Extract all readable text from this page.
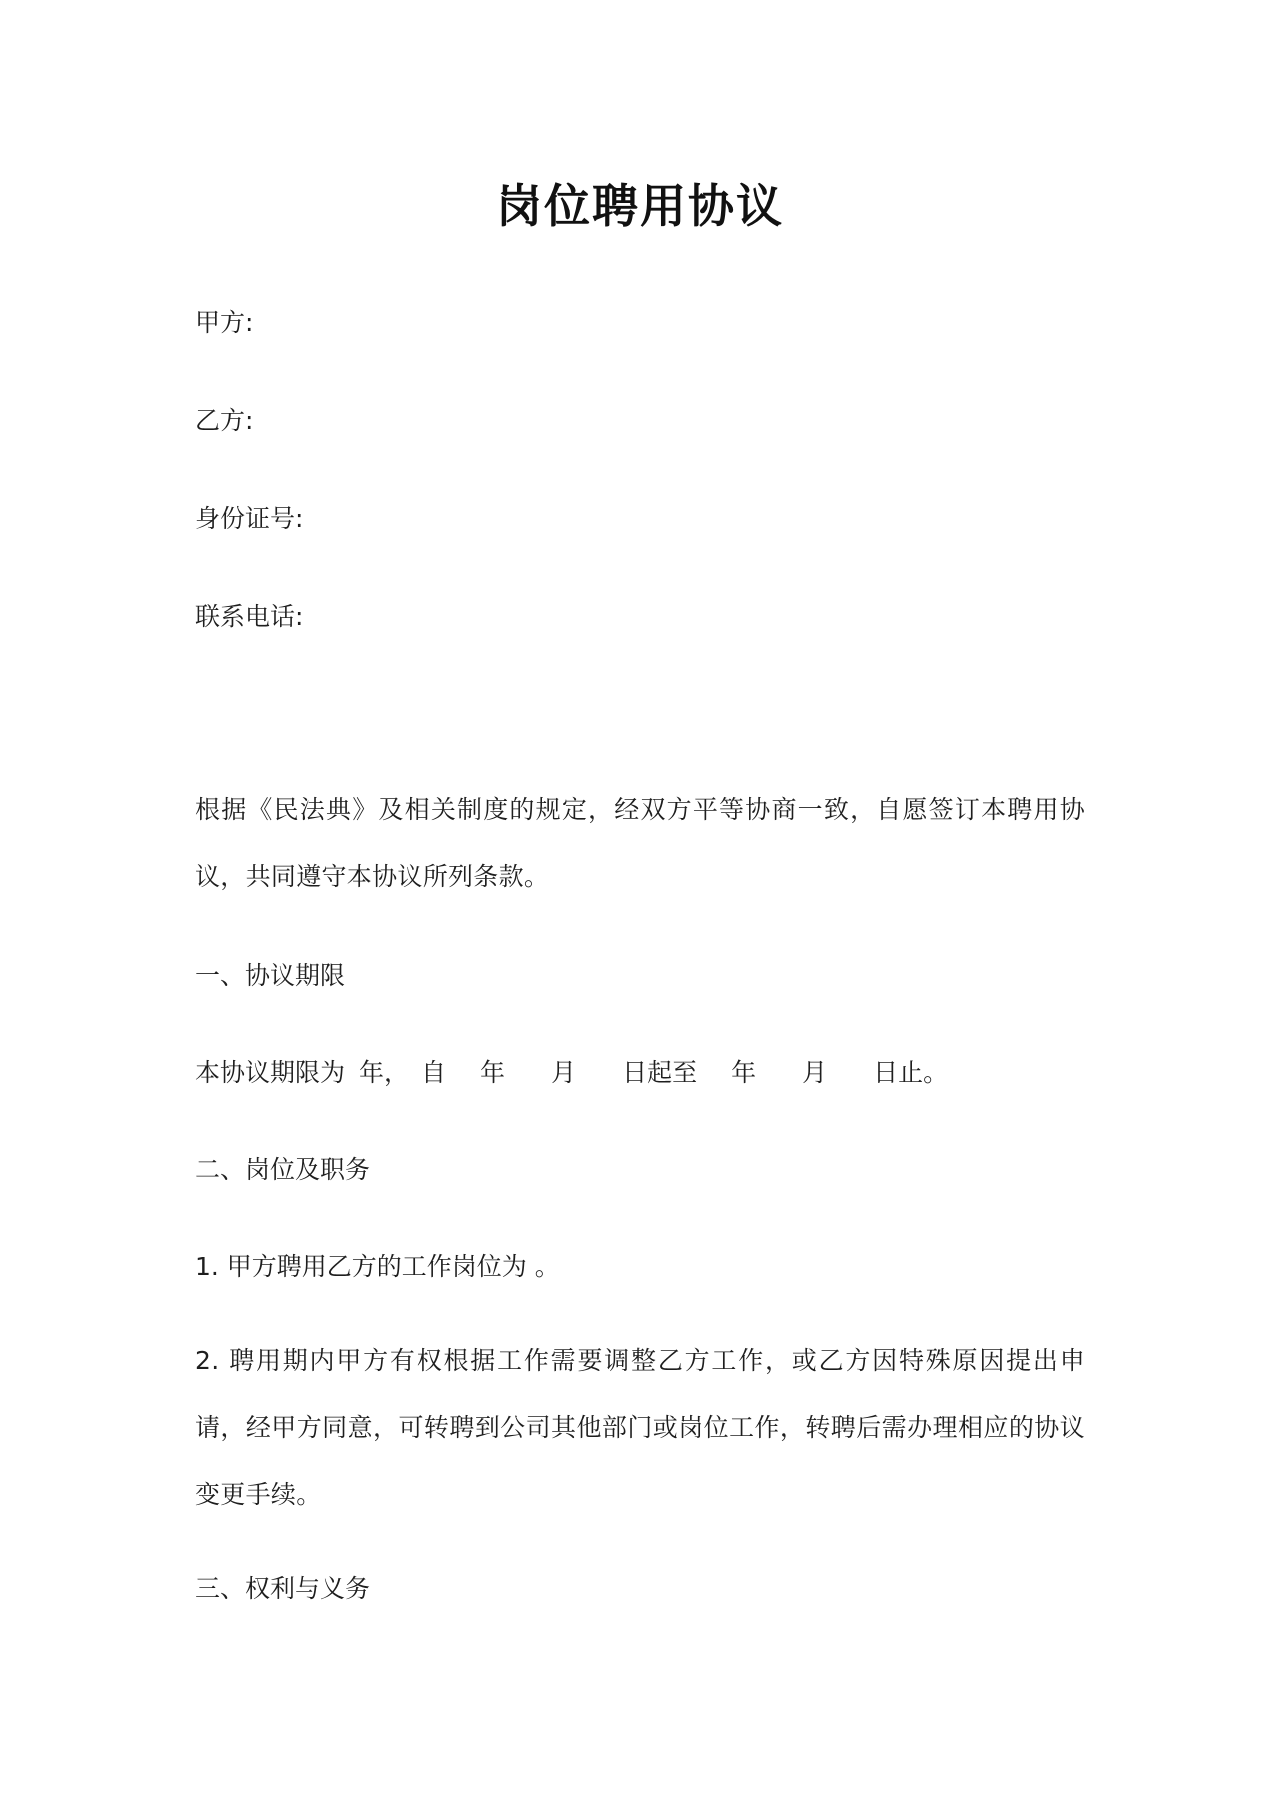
岗位聘用协议
甲方:
乙方:
身份证号:
联系电话:
根据《民法典》及相关制度的规定，经双方平等协商一致，自愿签订本聘用协议，共同遵守本协议所列条款。
一、协议期限
本协议期限为 年， 自 年 月 日起至 年 月 日止。
二、岗位及职务
1. 甲方聘用乙方的工作岗位为 。
2. 聘用期内甲方有权根据工作需要调整乙方工作，或乙方因特殊原因提出申请，经甲方同意，可转聘到公司其他部门或岗位工作，转聘后需办理相应的协议变更手续。
三、权利与义务
